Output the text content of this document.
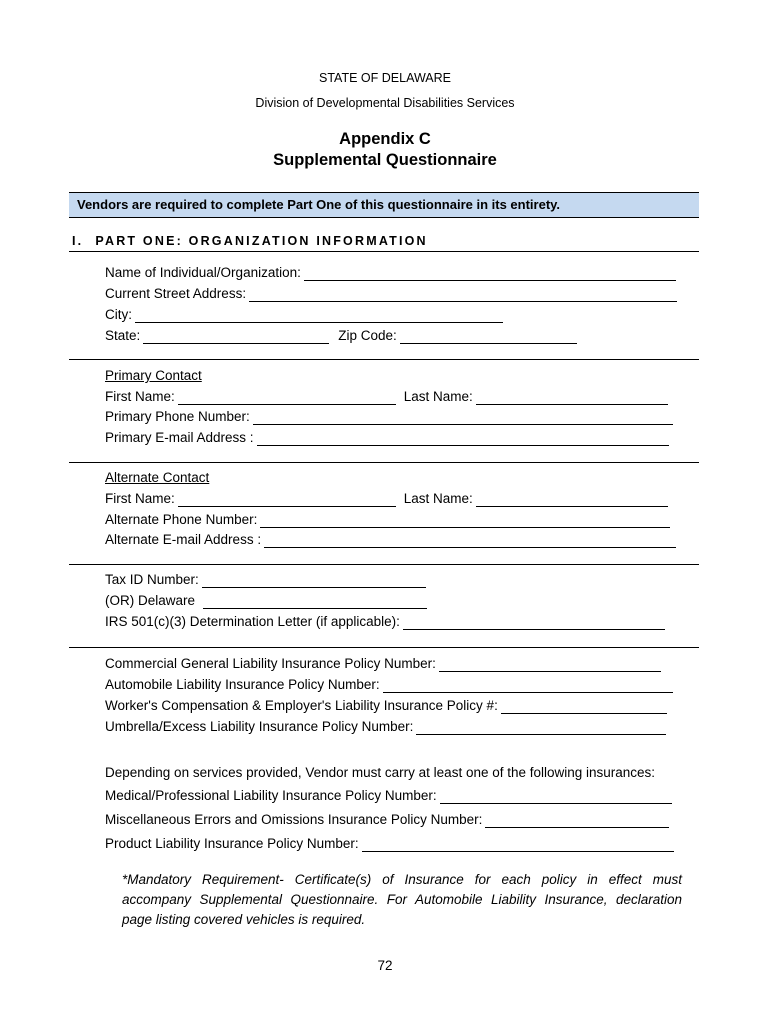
STATE OF DELAWARE
Division of Developmental Disabilities Services
Appendix C
Supplemental Questionnaire
Vendors are required to complete Part One of this questionnaire in its entirety.
I. PART ONE: ORGANIZATION INFORMATION
Name of Individual/Organization:
Current Street Address:
City:
State:	Zip Code:
Primary Contact
First Name:	Last Name:
Primary Phone Number:
Primary E-mail Address :
Alternate Contact
First Name:	Last Name:
Alternate Phone Number:
Alternate E-mail Address :
Tax ID Number:
(OR) Delaware
IRS 501(c)(3) Determination Letter (if applicable):
Commercial General Liability Insurance Policy Number:
Automobile Liability Insurance Policy Number:
Worker's Compensation & Employer's Liability Insurance Policy #:
Umbrella/Excess Liability Insurance Policy Number:
Depending on services provided, Vendor must carry at least one of the following insurances:
Medical/Professional Liability Insurance Policy Number:
Miscellaneous Errors and Omissions Insurance Policy Number:
Product Liability Insurance Policy Number:
*Mandatory Requirement- Certificate(s) of Insurance for each policy in effect must accompany Supplemental Questionnaire. For Automobile Liability Insurance, declaration page listing covered vehicles is required.
72
